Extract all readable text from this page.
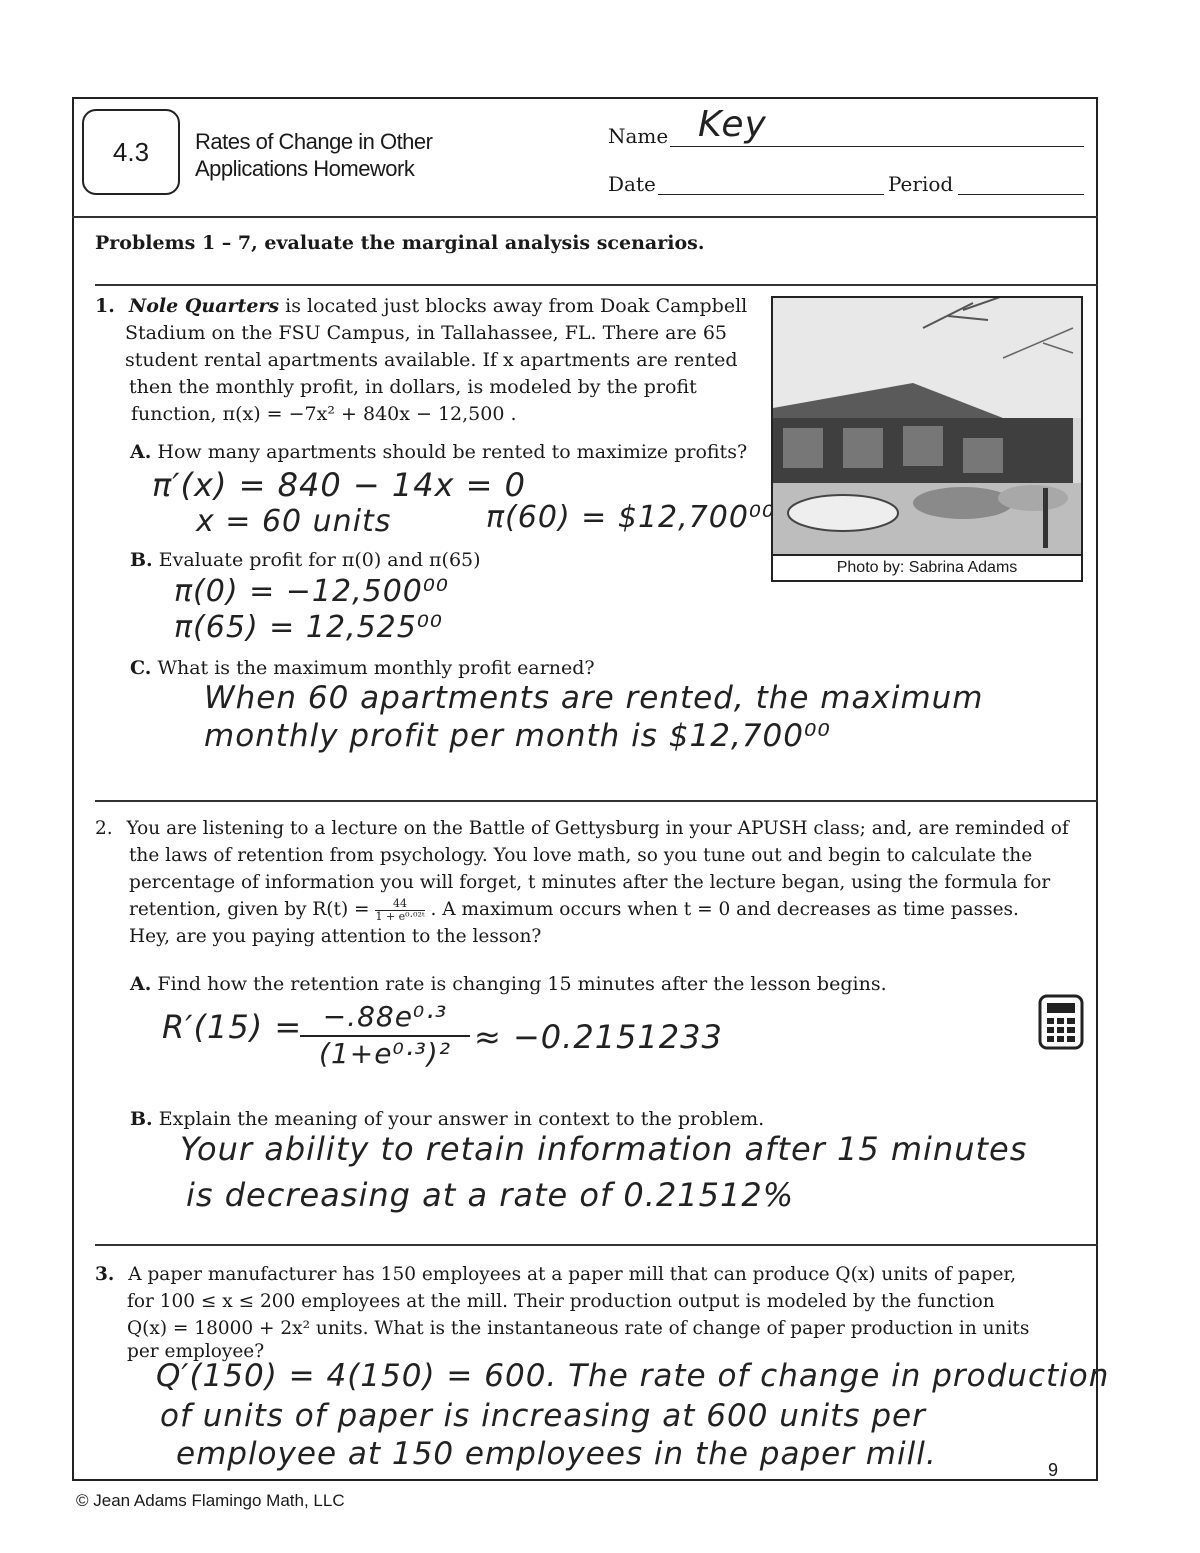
4.3 Rates of Change in Other
Applications Homework
Name Key
Date	Period
Problems 1 – 7, evaluate the marginal analysis scenarios.
1. Nole Quarters is located just blocks away from Doak Campbell
Stadium on the FSU Campus, in Tallahassee, FL. There are 65
student rental apartments available. If x apartments are rented
then the monthly profit, in dollars, is modeled by the profit
function, π(x) = −7x² + 840x − 12,500 .
Photo by: Sabrina Adams
A. How many apartments should be rented to maximize profits?
π′(x) = 840 − 14x = 0
x = 60 units	π(60) = $12,700⁰⁰
B. Evaluate profit for π(0) and π(65)
π(0) = −12,500⁰⁰
π(65) = 12,525⁰⁰
C. What is the maximum monthly profit earned?
When 60 apartments are rented, the maximum
monthly profit per month is $12,700⁰⁰
2. You are listening to a lecture on the Battle of Gettysburg in your APUSH class; and, are reminded of
the laws of retention from psychology. You love math, so you tune out and begin to calculate the
percentage of information you will forget, t minutes after the lecture began, using the formula for
retention, given by $R(t) = \frac{44}{\text{1 + e⁰·⁰²ᵗ}}$ . A maximum occurs when t = 0 and decreases as time passes.
Hey, are you paying attention to the lesson?
A. Find how the retention rate is changing 15 minutes after the lesson begins.
R′(15) =
$\frac{\text{−.88e⁰·³}}{\text{(1+e⁰·³)²}} \approx -0.2151233$
B. Explain the meaning of your answer in context to the problem.
Your ability to retain information after 15 minutes
is decreasing at a rate of 0.21512%
3. A paper manufacturer has 150 employees at a paper mill that can produce Q(x) units of paper,
for 100 ≤ x ≤ 200 employees at the mill. Their production output is modeled by the function
Q(x) = 18000 + 2x² units. What is the instantaneous rate of change of paper production in units
per employee?
Q′(150) = 4(150) = 600. The rate of change in production
of units of paper is increasing at 600 units per
employee at 150 employees in the paper mill.	9
© Jean Adams Flamingo Math, LLC
